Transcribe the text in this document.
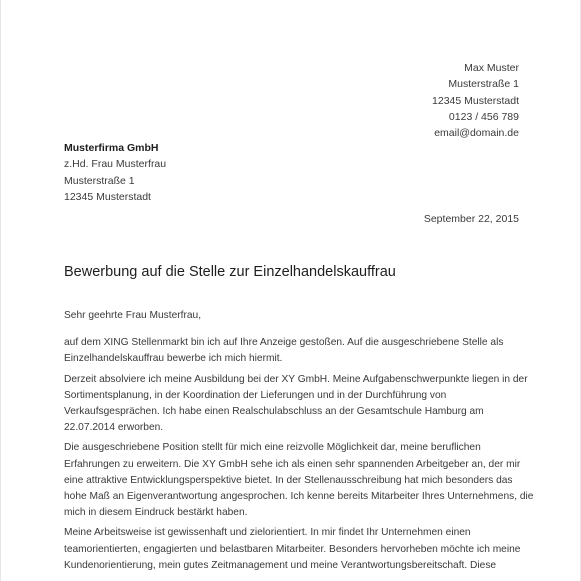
Max Muster
Musterstraße 1
12345 Musterstadt
0123 / 456 789
email@domain.de
Musterfirma GmbH
z.Hd. Frau Musterfrau
Musterstraße 1
12345 Musterstadt
September 22, 2015
Bewerbung auf die Stelle zur Einzelhandelskauffrau

Sehr geehrte Frau Musterfrau,

auf dem XING Stellenmarkt bin ich auf Ihre Anzeige gestoßen. Auf die ausgeschriebene Stelle als
Einzelhandelskauffrau bewerbe ich mich hiermit.

Derzeit absolviere ich meine Ausbildung bei der XY GmbH. Meine Aufgabenschwerpunkte liegen in der
Sortimentsplanung, in der Koordination der Lieferungen und in der Durchführung von
Verkaufsgesprächen. Ich habe einen Realschulabschluss an der Gesamtschule Hamburg am
22.07.2014 erworben.

Die ausgeschriebene Position stellt für mich eine reizvolle Möglichkeit dar, meine beruflichen
Erfahrungen zu erweitern. Die XY GmbH sehe ich als einen sehr spannenden Arbeitgeber an, der mir
eine attraktive Entwicklungsperspektive bietet. In der Stellenausschreibung hat mich besonders das
hohe Maß an Eigenverantwortung angesprochen. Ich kenne bereits Mitarbeiter Ihres Unternehmens, die
mich in diesem Eindruck bestärkt haben.

Meine Arbeitsweise ist gewissenhaft und zielorientiert. In mir findet Ihr Unternehmen einen
teamorientierten, engagierten und belastbaren Mitarbeiter. Besonders hervorheben möchte ich meine
Kundenorientierung, mein gutes Zeitmanagement und meine Verantwortungsbereitschaft. Diese
